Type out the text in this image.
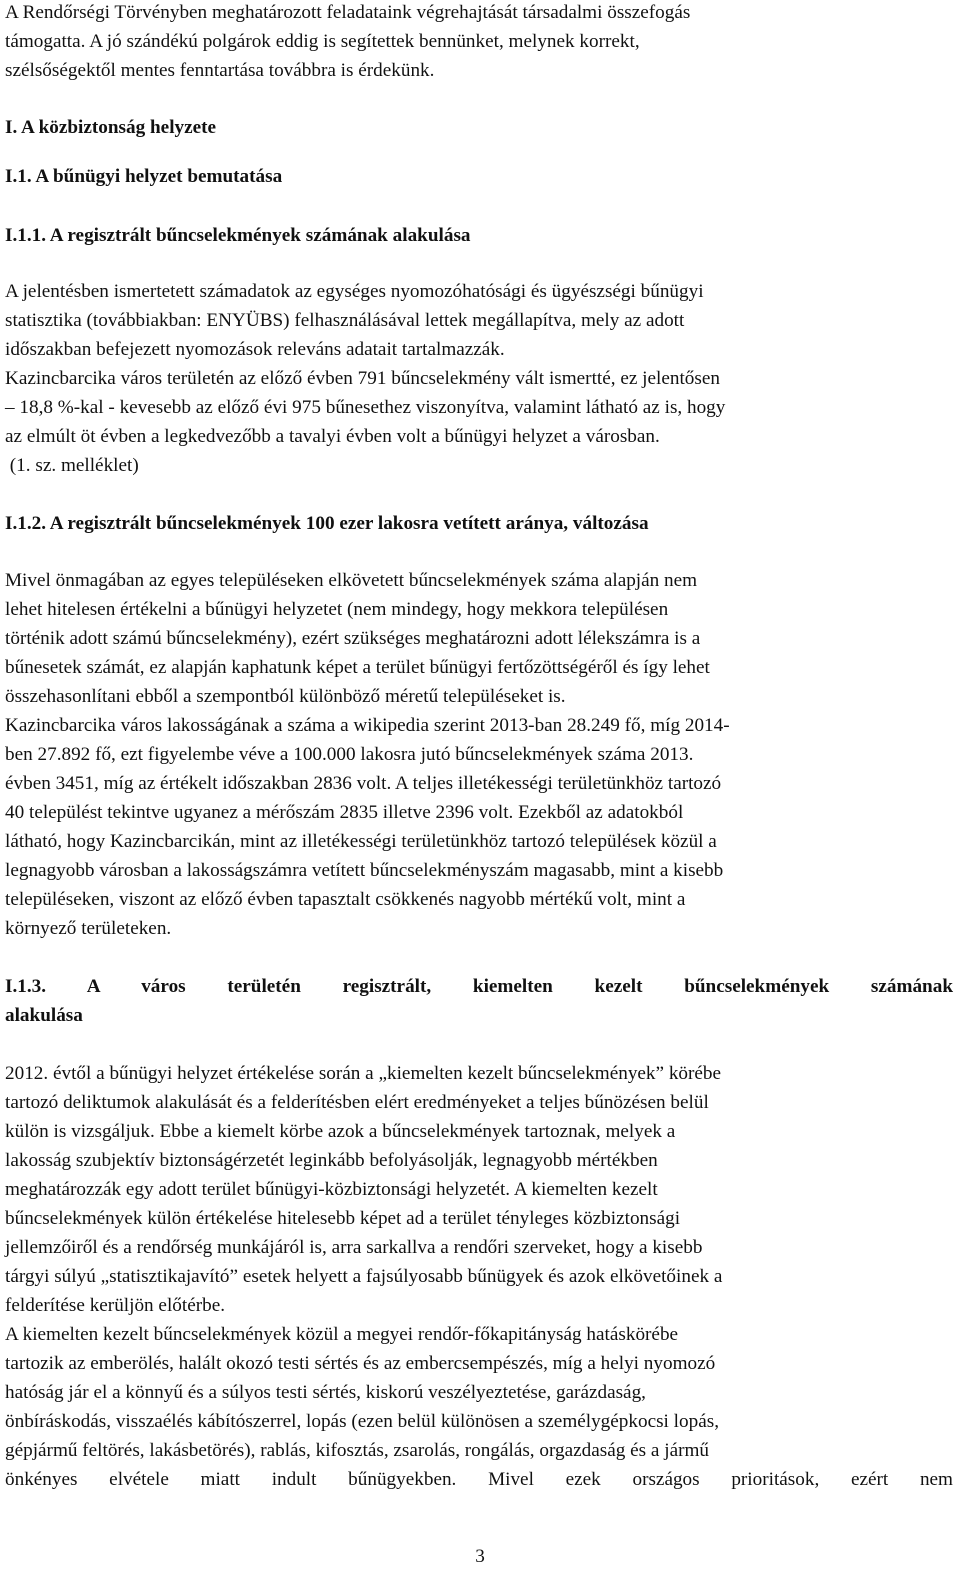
A Rendőrségi Törvényben meghatározott feladataink végrehajtását társadalmi összefogás

támogatta. A jó szándékú polgárok eddig is segítettek bennünket, melynek korrekt,

szélsőségektől mentes fenntartása továbbra is érdekünk.

I. A közbiztonság helyzete

I.1. A bűnügyi helyzet bemutatása

I.1.1. A regisztrált bűncselekmények számának alakulása

A jelentésben ismertetett számadatok az egységes nyomozóhatósági és ügyészségi bűnügyi

statisztika (továbbiakban: ENYÜBS) felhasználásával lettek megállapítva, mely az adott

időszakban befejezett nyomozások releváns adatait tartalmazzák.

Kazincbarcika város területén az előző évben 791 bűncselekmény vált ismertté, ez jelentősen

– 18,8 %-kal - kevesebb az előző évi 975 bűnesethez viszonyítva, valamint látható az is, hogy

az elmúlt öt évben a legkedvezőbb a tavalyi évben volt a bűnügyi helyzet a városban.

(1. sz. melléklet)

I.1.2. A regisztrált bűncselekmények 100 ezer lakosra vetített aránya, változása

Mivel önmagában az egyes településeken elkövetett bűncselekmények száma alapján nem

lehet hitelesen értékelni a bűnügyi helyzetet (nem mindegy, hogy mekkora településen

történik adott számú bűncselekmény), ezért szükséges meghatározni adott lélekszámra is a

bűnesetek számát, ez alapján kaphatunk képet a terület bűnügyi fertőzöttségéről és így lehet

összehasonlítani ebből a szempontból különböző méretű településeket is.

Kazincbarcika város lakosságának a száma a wikipedia szerint 2013-ban 28.249 fő, míg 2014-

ben 27.892 fő, ezt figyelembe véve a 100.000 lakosra jutó bűncselekmények száma 2013.

évben 3451, míg az értékelt időszakban 2836 volt. A teljes illetékességi területünkhöz tartozó

40 települést tekintve ugyanez a mérőszám 2835 illetve 2396 volt. Ezekből az adatokból

látható, hogy Kazincbarcikán, mint az illetékességi területünkhöz tartozó települések közül a

legnagyobb városban a lakosságszámra vetített bűncselekményszám magasabb, mint a kisebb

településeken, viszont az előző évben tapasztalt csökkenés nagyobb mértékű volt, mint a

környező területeken.

I.1.3. A város területén regisztrált, kiemelten kezelt bűncselekmények számának

alakulása

2012. évtől a bűnügyi helyzet értékelése során a „kiemelten kezelt bűncselekmények” körébe

tartozó deliktumok alakulását és a felderítésben elért eredményeket a teljes bűnözésen belül

külön is vizsgáljuk. Ebbe a kiemelt körbe azok a bűncselekmények tartoznak, melyek a

lakosság szubjektív biztonságérzetét leginkább befolyásolják, legnagyobb mértékben

meghatározzák egy adott terület bűnügyi-közbiztonsági helyzetét. A kiemelten kezelt

bűncselekmények külön értékelése hitelesebb képet ad a terület tényleges közbiztonsági

jellemzőiről és a rendőrség munkájáról is, arra sarkallva a rendőri szerveket, hogy a kisebb

tárgyi súlyú „statisztikajavító” esetek helyett a fajsúlyosabb bűnügyek és azok elkövetőinek a

felderítése kerüljön előtérbe.

A kiemelten kezelt bűncselekmények közül a megyei rendőr-főkapitányság hatáskörébe

tartozik az emberölés, halált okozó testi sértés és az embercsempészés, míg a helyi nyomozó

hatóság jár el a könnyű és a súlyos testi sértés, kiskorú veszélyeztetése, garázdaság,

önbíráskodás, visszaélés kábítószerrel, lopás (ezen belül különösen a személygépkocsi lopás,

gépjármű feltörés, lakásbetörés), rablás, kifosztás, zsarolás, rongálás, orgazdaság és a jármű

önkényes elvétele miatt indult bűnügyekben. Mivel ezek országos prioritások, ezért nem

3
